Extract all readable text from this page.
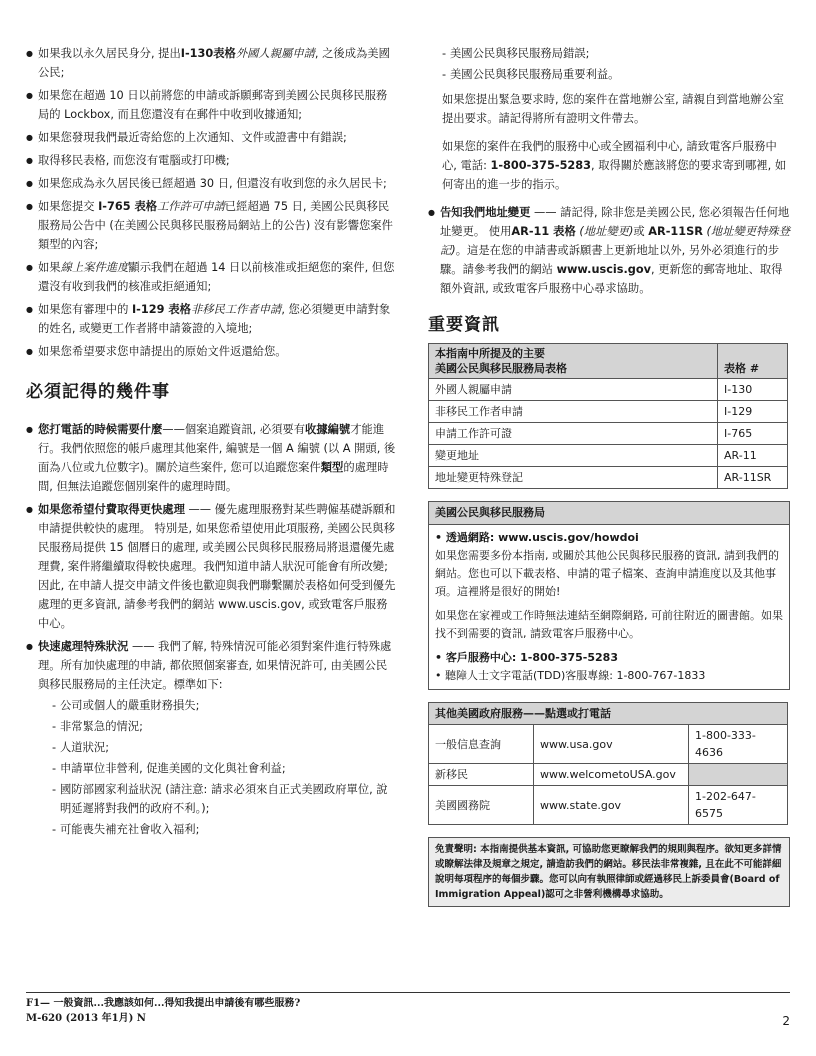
● 如果我以永久居民身分, 提出I-130表格外國人親屬申請, 之後成為美國公民;
● 如果您在超過 10 日以前將您的申請或訴願郵寄到美國公民與移民服務局的 Lockbox, 而且您還沒有在郵件中收到收據通知;
● 如果您發現我們最近寄給您的上次通知、文件或證書中有錯誤;
● 取得移民表格, 而您沒有電腦或打印機;
● 如果您成為永久居民後已經超過 30 日, 但還沒有收到您的永久居民卡;
● 如果您提交 I-765 表格工作許可申請已經超過 75 日, 美國公民與移民服務局公告中 (在美國公民與移民服務局網站上的公告) 沒有影響您案件類型的內容;
● 如果線上案件進度顯示我們在超過 14 日以前核准或拒絕您的案件, 但您還沒有收到我們的核准或拒絕通知;
● 如果您有審理中的 I-129 表格非移民工作者申請, 您必須變更申請對象的姓名, 或變更工作者將申請簽證的入境地;
● 如果您希望要求您申請提出的原始文件返還給您。
必須記得的幾件事
● 您打電話的時候需要什麼——個案追蹤資訊, 必須要有收據編號才能進行。我們依照您的帳戶處理其他案件, 編號是一個 A 編號 (以 A 開頭, 後面為八位或九位數字)。關於這些案件, 您可以追蹤您案件類型的處理時間, 但無法追蹤您個別案件的處理時間。
● 如果您希望付費取得更快處理 —— 優先處理服務對某些聘僱基礎訴願和申請提供較快的處理。 特別是, 如果您希望使用此項服務, 美國公民與移民服務局提供 15 個曆日的處理, 或美國公民與移民服務局將退還優先處理費, 案件將繼續取得較快處理。我們知道申請人狀況可能會有所改變; 因此, 在申請人提交申請文件後也歡迎與我們聯繫關於表格如何受到優先處理的更多資訊, 請參考我們的網站 www.uscis.gov, 或致電客戶服務中心。
● 快速處理特殊狀況 —— 我們了解, 特殊情況可能必須對案件進行特殊處理。所有加快處理的申請, 都依照個案審查, 如果情況許可, 由美國公民與移民服務局的主任決定。標準如下:
- 公司或個人的嚴重財務損失;
- 非常緊急的情況;
- 人道狀況;
- 申請單位非營利, 促進美國的文化與社會利益;
- 國防部國家利益狀況 (請注意: 請求必須來自正式美國政府單位, 說明延遲將對我們的政府不利。);
- 可能喪失補充社會收入福利;
- 美國公民與移民服務局錯誤;
- 美國公民與移民服務局重要利益。

如果您提出緊急要求時, 您的案件在當地辦公室, 請親自到當地辦公室提出要求。請記得將所有證明文件帶去。

如果您的案件在我們的服務中心或全國福利中心, 請致電客戶服務中心, 電話: 1-800-375-5283, 取得關於應該將您的要求寄到哪裡, 如何寄出的進一步的指示。

● 告知我們地址變更 —— 請記得, 除非您是美國公民, 您必須報告任何地址變更。 使用AR-11 表格 (地址變更)或 AR-11SR (地址變更特殊登記)。這是在您的申請書或訴願書上更新地址以外, 另外必須進行的步驟。請參考我們的網站 www.uscis.gov, 更新您的郵寄地址、取得額外資訊, 或致電客戶服務中心尋求協助。
重要資訊
本指南中所提及的主要
美國公民與移民服務局表格	表格 #
外國人親屬申請	I-130
非移民工作者申請	I-129
申請工作許可證	I-765
變更地址	AR-11
地址變更特殊登記	AR-11SR
美國公民與移民服務局
• 透過網路: www.uscis.gov/howdoi

如果您需要多份本指南, 或關於其他公民與移民服務的資訊, 請到我們的網站。您也可以下載表格、申請的電子檔案、查詢申請進度以及其他事項。這裡將是很好的開始!

如果您在家裡或工作時無法連結至網際網路, 可前往附近的圖書館。如果找不到需要的資訊, 請致電客戶服務中心。

• 客戶服務中心: 1-800-375-5283
• 聽障人士文字電話(TDD)客服專線: 1-800-767-1833
其他美國政府服務——點選或打電話		
一般信息查詢	www.usa.gov	1-800-333-4636
新移民	www.welcometoUSA.gov	
美國國務院	www.state.gov	1-202-647-6575
免責聲明: 本指南提供基本資訊, 可協助您更瞭解我們的規則與程序。欲知更多詳情或瞭解法律及規章之規定, 請造訪我們的網站。移民法非常複雜, 且在此不可能詳細說明每項程序的每個步驟。您可以向有執照律師或經過移民上訴委員會(Board of Immigration Appeal)認可之非營利機構尋求協助。
F1— 一般資訊...我應該如何...得知我提出申請後有哪些服務?
M-620 (2013 年1月) N	2
